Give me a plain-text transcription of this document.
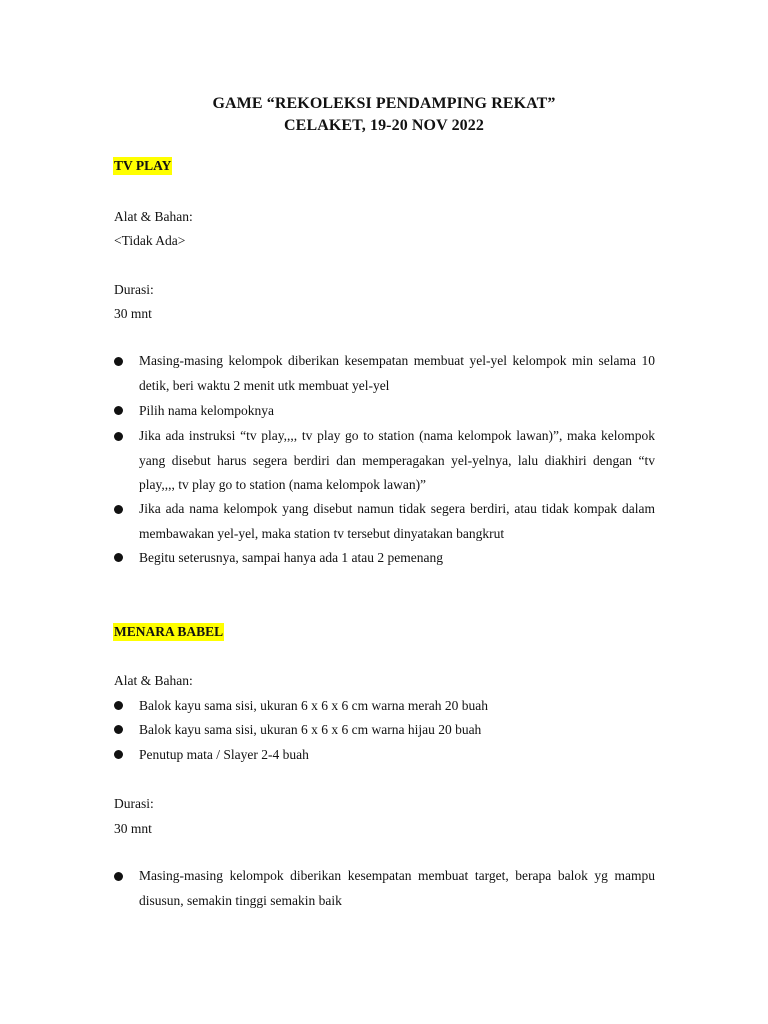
GAME “REKOLEKSI PENDAMPING REKAT”
CELAKET, 19-20 NOV 2022
TV PLAY
Alat & Bahan:
<Tidak Ada>
Durasi:
30 mnt
Masing-masing kelompok diberikan kesempatan membuat yel-yel kelompok min selama 10 detik, beri waktu 2 menit utk membuat yel-yel
Pilih nama kelompoknya
Jika ada instruksi “tv play,,,, tv play go to station (nama kelompok lawan)”, maka kelompok yang disebut harus segera berdiri dan memperagakan yel-yelnya, lalu diakhiri dengan “tv play,,,, tv play go to station (nama kelompok lawan)”
Jika ada nama kelompok yang disebut namun tidak segera berdiri, atau tidak kompak dalam membawakan yel-yel, maka station tv tersebut dinyatakan bangkrut
Begitu seterusnya, sampai hanya ada 1 atau 2 pemenang
MENARA BABEL
Alat & Bahan:
Balok kayu sama sisi, ukuran 6 x 6 x 6 cm warna merah 20 buah
Balok kayu sama sisi, ukuran 6 x 6 x 6 cm warna hijau 20 buah
Penutup mata / Slayer 2-4 buah
Durasi:
30 mnt
Masing-masing kelompok diberikan kesempatan membuat target, berapa balok yg mampu disusun, semakin tinggi semakin baik
